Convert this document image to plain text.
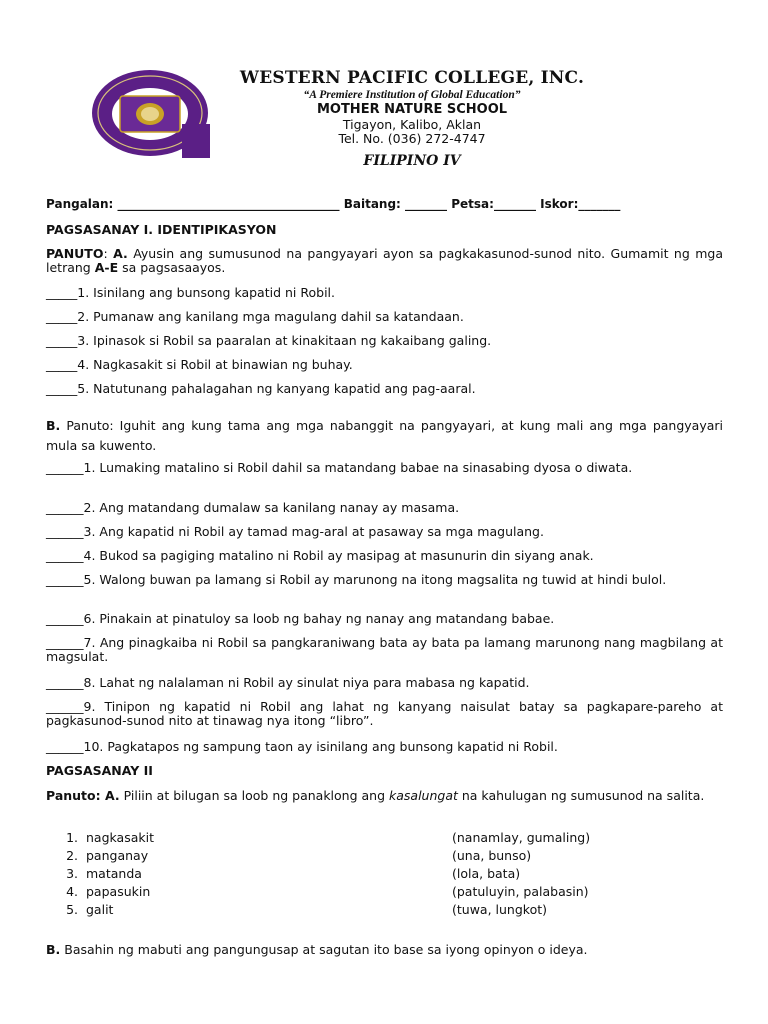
WESTERN PACIFIC COLLEGE, INC.
“A Premiere Institution of Global Education”
MOTHER NATURE SCHOOL
Tigayon, Kalibo, Aklan
Tel. No. (036) 272-4747
FILIPINO IV
Pangalan: _____________________________________ Baitang: _______ Petsa:_______ Iskor:_______
PAGSASANAY I. IDENTIPIKASYON
PANUTO: A. Ayusin ang sumusunod na pangyayari ayon sa pagkakasunod-sunod nito. Gumamit ng mga letrang A-E sa pagsasaayos.
_____1. Isinilang ang bunsong kapatid ni Robil.
_____2. Pumanaw ang kanilang mga magulang dahil sa katandaan.
_____3. Ipinasok si Robil sa paaralan at kinakitaan ng kakaibang galing.
_____4. Nagkasakit si Robil at binawian ng buhay.
_____5. Natutunang pahalagahan ng kanyang kapatid ang pag-aaral.
B. Panuto: Iguhit ang kung tama ang mga nabanggit na pangyayari, at kung mali ang mga pangyayari mula sa kuwento.
______1. Lumaking matalino si Robil dahil sa matandang babae na sinasabing dyosa o diwata.
______2. Ang matandang dumalaw sa kanilang nanay ay masama.
______3. Ang kapatid ni Robil ay tamad mag-aral at pasaway sa mga magulang.
______4. Bukod sa pagiging matalino ni Robil ay masipag at masunurin din siyang anak.
______5. Walong buwan pa lamang si Robil ay marunong na itong magsalita ng tuwid at hindi bulol.
______6. Pinakain at pinatuloy sa loob ng bahay ng nanay ang matandang babae.
______7. Ang pinagkaiba ni Robil sa pangkaraniwang bata ay bata pa lamang marunong nang magbilang at magsulat.
______8. Lahat ng nalalaman ni Robil ay sinulat niya para mabasa ng kapatid.
______9. Tinipon ng kapatid ni Robil ang lahat ng kanyang naisulat batay sa pagkapare-pareho at pagkasunod-sunod nito at tinawag nya itong “libro”.
______10. Pagkatapos ng sampung taon ay isinilang ang bunsong kapatid ni Robil.
PAGSASANAY II
Panuto: A. Piliin at bilugan sa loob ng panaklong ang kasalungat na kahulugan ng sumusunod na salita.
1. nagkasakit	(nanamlay, gumaling)
2. panganay	(una, bunso)
3. matanda	(lola, bata)
4. papasukin	(patuluyin, palabasin)
5. galit	(tuwa, lungkot)
B. Basahin ng mabuti ang pangungusap at sagutan ito base sa iyong opinyon o ideya.
